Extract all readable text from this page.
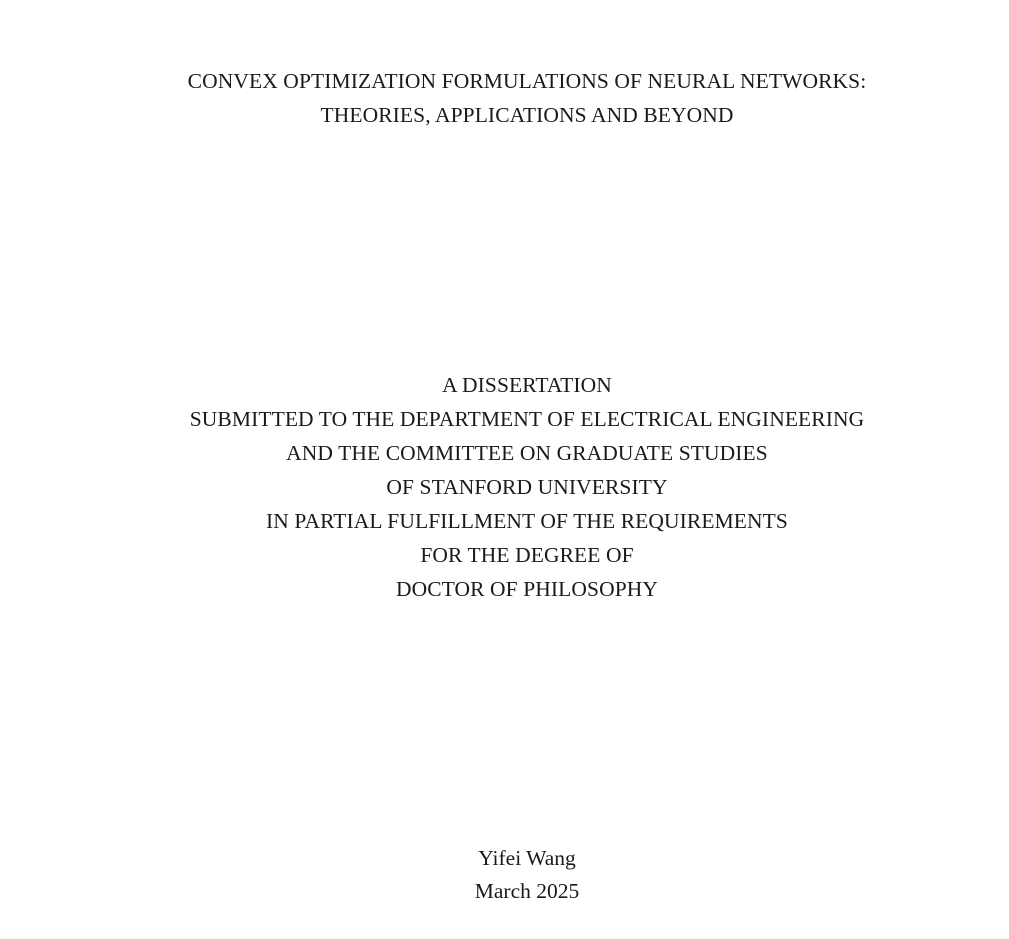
CONVEX OPTIMIZATION FORMULATIONS OF NEURAL NETWORKS:
THEORIES, APPLICATIONS AND BEYOND
A DISSERTATION
SUBMITTED TO THE DEPARTMENT OF ELECTRICAL ENGINEERING
AND THE COMMITTEE ON GRADUATE STUDIES
OF STANFORD UNIVERSITY
IN PARTIAL FULFILLMENT OF THE REQUIREMENTS
FOR THE DEGREE OF
DOCTOR OF PHILOSOPHY
Yifei Wang
March 2025
